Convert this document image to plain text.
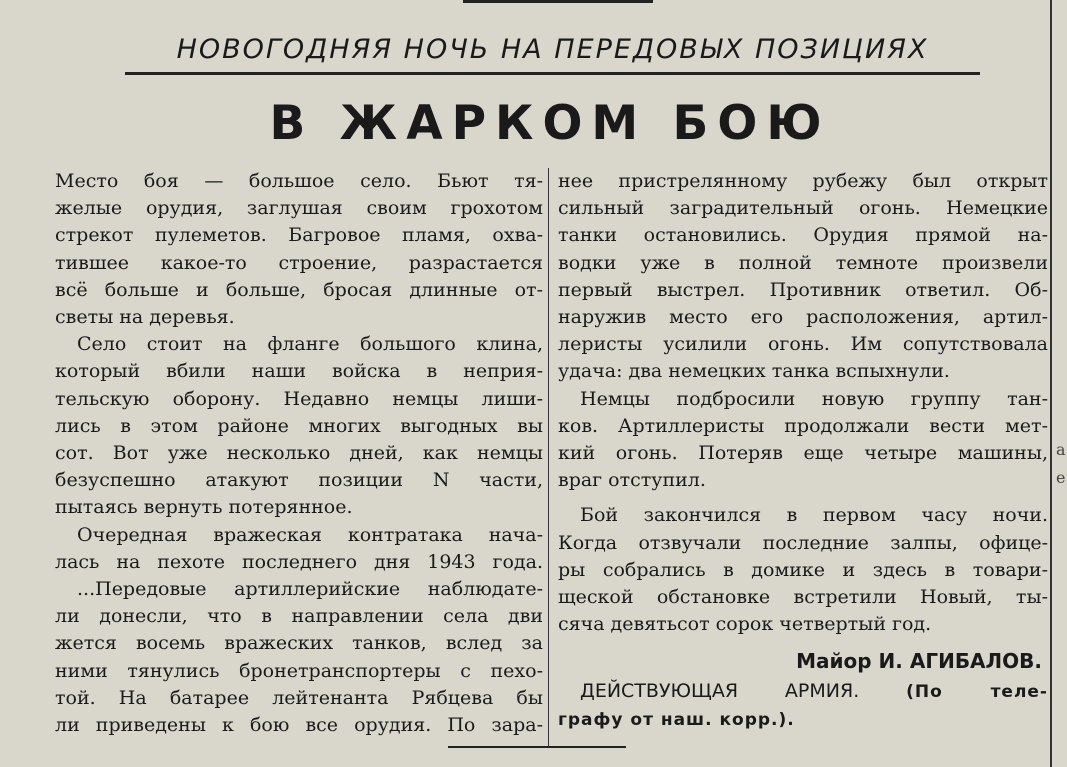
НОВОГОДНЯЯ НОЧЬ НА ПЕРЕДОВЫХ ПОЗИЦИЯХ
В ЖАРКОМ БОЮ
Место боя — большое село. Бьют тя-
желые орудия, заглушая своим грохотом
стрекот пулеметов. Багровое пламя, охва-
тившее какое-то строение, разрастается
всё больше и больше, бросая длинные от-
светы на деревья.
Село стоит на фланге большого клина,
который вбили наши войска в неприя-
тельскую оборону. Недавно немцы лиши-
лись в этом районе многих выгодных вы
сот. Вот уже несколько дней, как немцы
безуспешно атакуют позиции N части,
пытаясь вернуть потерянное.
Очередная вражеская контратака нача-
лась на пехоте последнего дня 1943 года.
...Передовые артиллерийские наблюдате-
ли донесли, что в направлении села дви
жется восемь вражеских танков, вслед за
ними тянулись бронетранспортеры с пехо-
той. На батарее лейтенанта Рябцева бы
ли приведены к бою все орудия. По зара-
нее пристрелянному рубежу был открыт
сильный заградительный огонь. Немецкие
танки остановились. Орудия прямой на-
водки уже в полной темноте произвели
первый выстрел. Противник ответил. Об-
наружив место его расположения, артил-
леристы усилили огонь. Им сопутствовала
удача: два немецких танка вспыхнули.
Немцы подбросили новую группу тан-
ков. Артиллеристы продолжали вести мет-
кий огонь. Потеряв еще четыре машины,
враг отступил.
Бой закончился в первом часу ночи.
Когда отзвучали последние залпы, офице-
ры собрались в домике и здесь в товари-
щеской обстановке встретили Новый, ты-
сяча девятьсот сорок четвертый год.
Майор И. АГИБАЛОВ.
ДЕЙСТВУЮЩАЯ АРМИЯ.	(По теле-
графу от наш. корр.).
а
е
